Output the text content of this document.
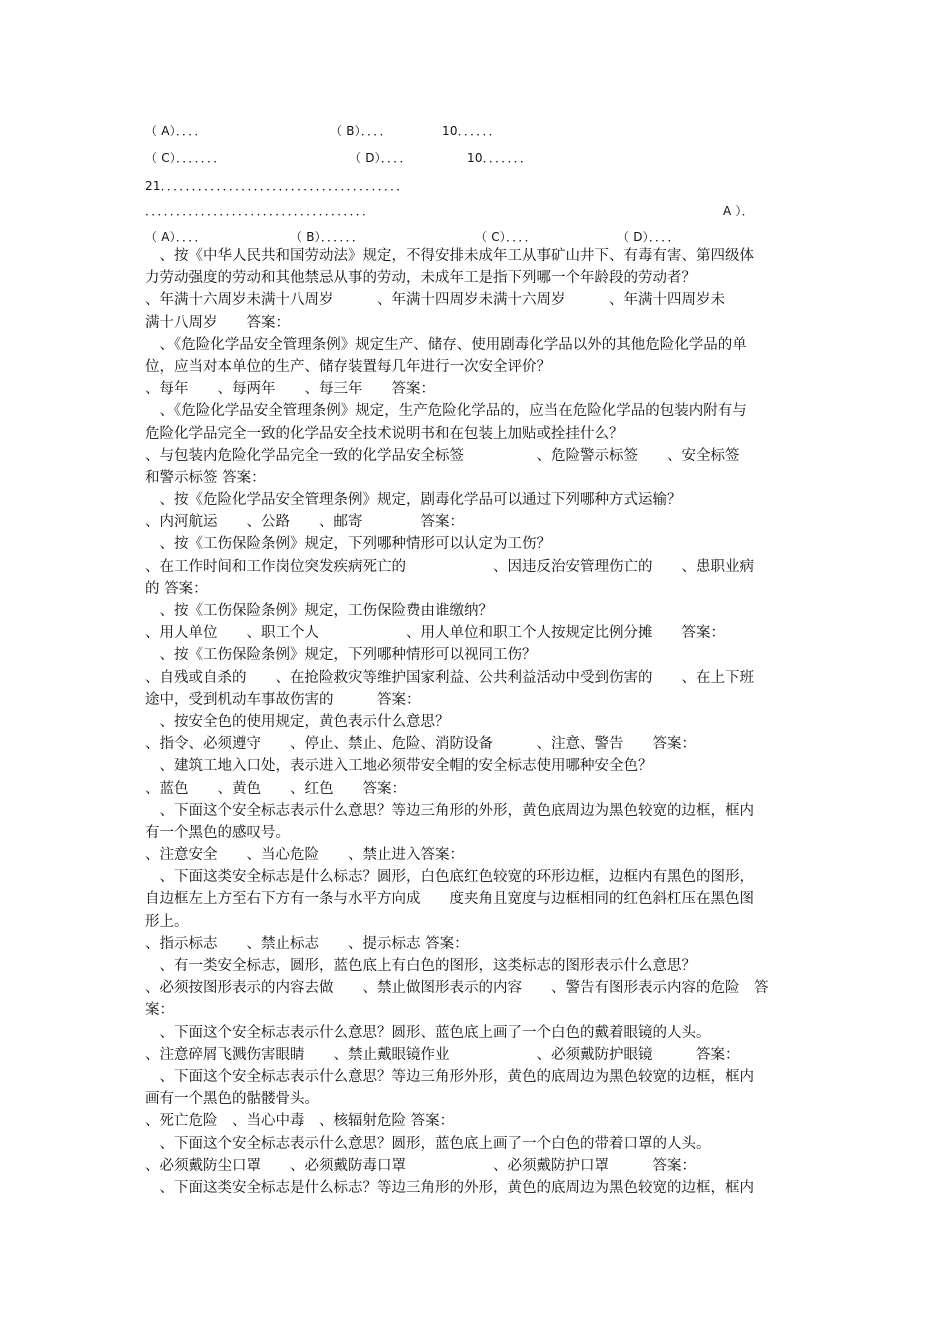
（ A）．．．．	（ B）．．．．	10．．．．．．
（ C）．．．．．．．	（ D）．．．．	10．．．．．．．
21．．．．．．．．．．．．．．．．．．．．．．．．．．．．．．．．．．．．．．．
．．．．．．．．．．．．．．．．．．．．．．．．．．．．．．．．．．．．	A ）．
（ A）．．．．	（ B）．．．．．．	（ C）．．．．	（ D）．．．．
　、按《中华人民共和国劳动法》规定，不得安排未成年工从事矿山井下、有毒有害、第四级体
力劳动强度的劳动和其他禁忌从事的劳动，未成年工是指下列哪一个年龄段的劳动者？
、年满十六周岁未满十八周岁　　　、年满十四周岁未满十六周岁　　　、年满十四周岁未
满十八周岁　　答案：
　、《危险化学品安全管理条例》规定生产、储存、使用剧毒化学品以外的其他危险化学品的单
位，应当对本单位的生产、储存装置每几年进行一次安全评价？
、每年　　、每两年　　、每三年　　答案：
　、《危险化学品安全管理条例》规定，生产危险化学品的，应当在危险化学品的包装内附有与
危险化学品完全一致的化学品安全技术说明书和在包装上加贴或拴挂什么？
、与包装内危险化学品完全一致的化学品安全标签　　　　　、危险警示标签　　、安全标签
和警示标签 答案：
　、按《危险化学品安全管理条例》规定，剧毒化学品可以通过下列哪种方式运输？
、内河航运　　、公路　　、邮寄　　　　答案：
　、按《工伤保险条例》规定，下列哪种情形可以认定为工伤？
、在工作时间和工作岗位突发疾病死亡的　　　　　　、因违反治安管理伤亡的　　、患职业病
的 答案：
　、按《工伤保险条例》规定，工伤保险费由谁缴纳？
、用人单位　　、职工个人　　　　　　、用人单位和职工个人按规定比例分摊　　答案：
　、按《工伤保险条例》规定，下列哪种情形可以视同工伤？
、自残或自杀的　　、在抢险救灾等维护国家利益、公共利益活动中受到伤害的　　、在上下班
途中，受到机动车事故伤害的　　　答案：
　、按安全色的使用规定，黄色表示什么意思？
、指令、必须遵守　　、停止、禁止、危险、消防设备　　　、注意、警告　　答案：
　、建筑工地入口处，表示进入工地必须带安全帽的安全标志使用哪种安全色？
、蓝色　　、黄色　　、红色　　答案：
　、下面这个安全标志表示什么意思？等边三角形的外形，黄色底周边为黑色较宽的边框，框内
有一个黑色的感叹号。
、注意安全　　、当心危险　　、禁止进入答案：
　、下面这类安全标志是什么标志？圆形，白色底红色较宽的环形边框，边框内有黑色的图形，
自边框左上方至右下方有一条与水平方向成　　度夹角且宽度与边框相同的红色斜杠压在黑色图
形上。
、指示标志　　、禁止标志　　、提示标志 答案：
　、有一类安全标志，圆形，蓝色底上有白色的图形，这类标志的图形表示什么意思？
、必须按图形表示的内容去做　　、禁止做图形表示的内容　　、警告有图形表示内容的危险　答
案：
　、下面这个安全标志表示什么意思？圆形、蓝色底上画了一个白色的戴着眼镜的人头。
、注意碎屑飞溅伤害眼睛　　、禁止戴眼镜作业　　　　　　、必须戴防护眼镜　　　答案：
　、下面这个安全标志表示什么意思？等边三角形外形，黄色的底周边为黑色较宽的边框，框内
画有一个黑色的骷髅骨头。
、死亡危险　、当心中毒　、核辐射危险 答案：
　、下面这个安全标志表示什么意思？圆形，蓝色底上画了一个白色的带着口罩的人头。
、必须戴防尘口罩　　、必须戴防毒口罩　　　　　　、必须戴防护口罩　　　答案：
　、下面这类安全标志是什么标志？等边三角形的外形，黄色的底周边为黑色较宽的边框，框内
